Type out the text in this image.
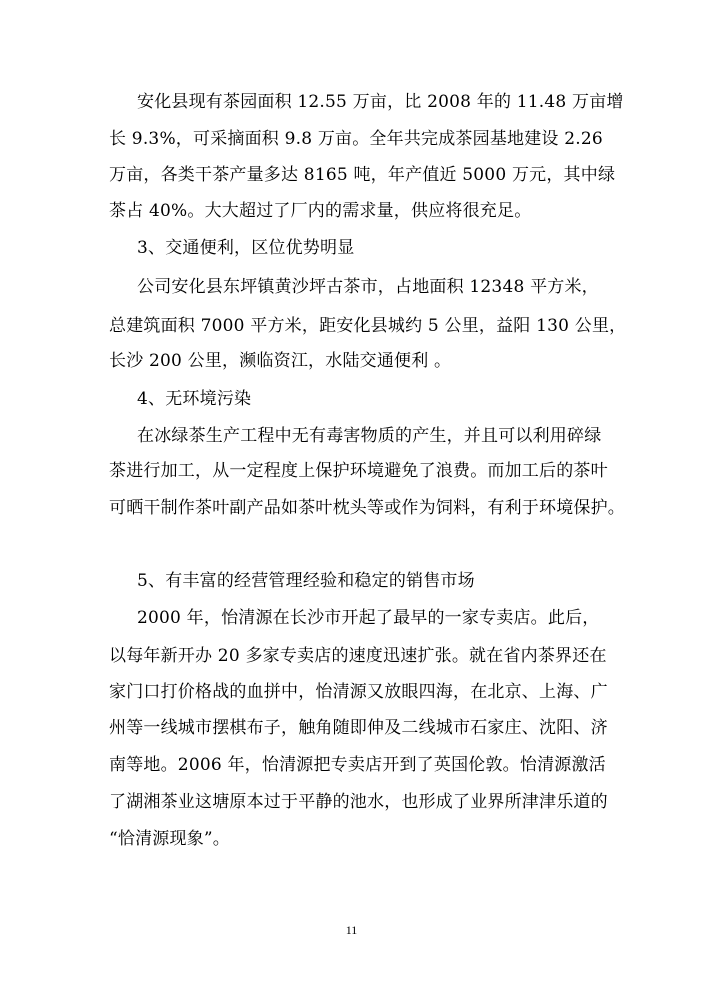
安化县现有茶园面积 12.55 万亩，比 2008 年的 11.48 万亩增
长 9.3%，可采摘面积 9.8 万亩。全年共完成茶园基地建设 2.26
万亩，各类干茶产量多达 8165 吨，年产值近 5000 万元，其中绿
茶占 40%。大大超过了厂内的需求量，供应将很充足。
3、交通便利，区位优势明显
公司安化县东坪镇黄沙坪古茶市，占地面积 12348 平方米，
总建筑面积 7000 平方米，距安化县城约 5 公里，益阳 130 公里，
长沙 200 公里，濒临资江，水陆交通便利 。
4、无环境污染
在冰绿茶生产工程中无有毒害物质的产生，并且可以利用碎绿
茶进行加工，从一定程度上保护环境避免了浪费。而加工后的茶叶
可晒干制作茶叶副产品如茶叶枕头等或作为饲料，有利于环境保护。
5、有丰富的经营管理经验和稳定的销售市场
2000 年，怡清源在长沙市开起了最早的一家专卖店。此后，
以每年新开办 20 多家专卖店的速度迅速扩张。就在省内茶界还在
家门口打价格战的血拼中，怡清源又放眼四海，在北京、上海、广
州等一线城市摆棋布子，触角随即伸及二线城市石家庄、沈阳、济
南等地。2006 年，怡清源把专卖店开到了英国伦敦。怡清源激活
了湖湘茶业这塘原本过于平静的池水，也形成了业界所津津乐道的
“恰清源现象”。
11
